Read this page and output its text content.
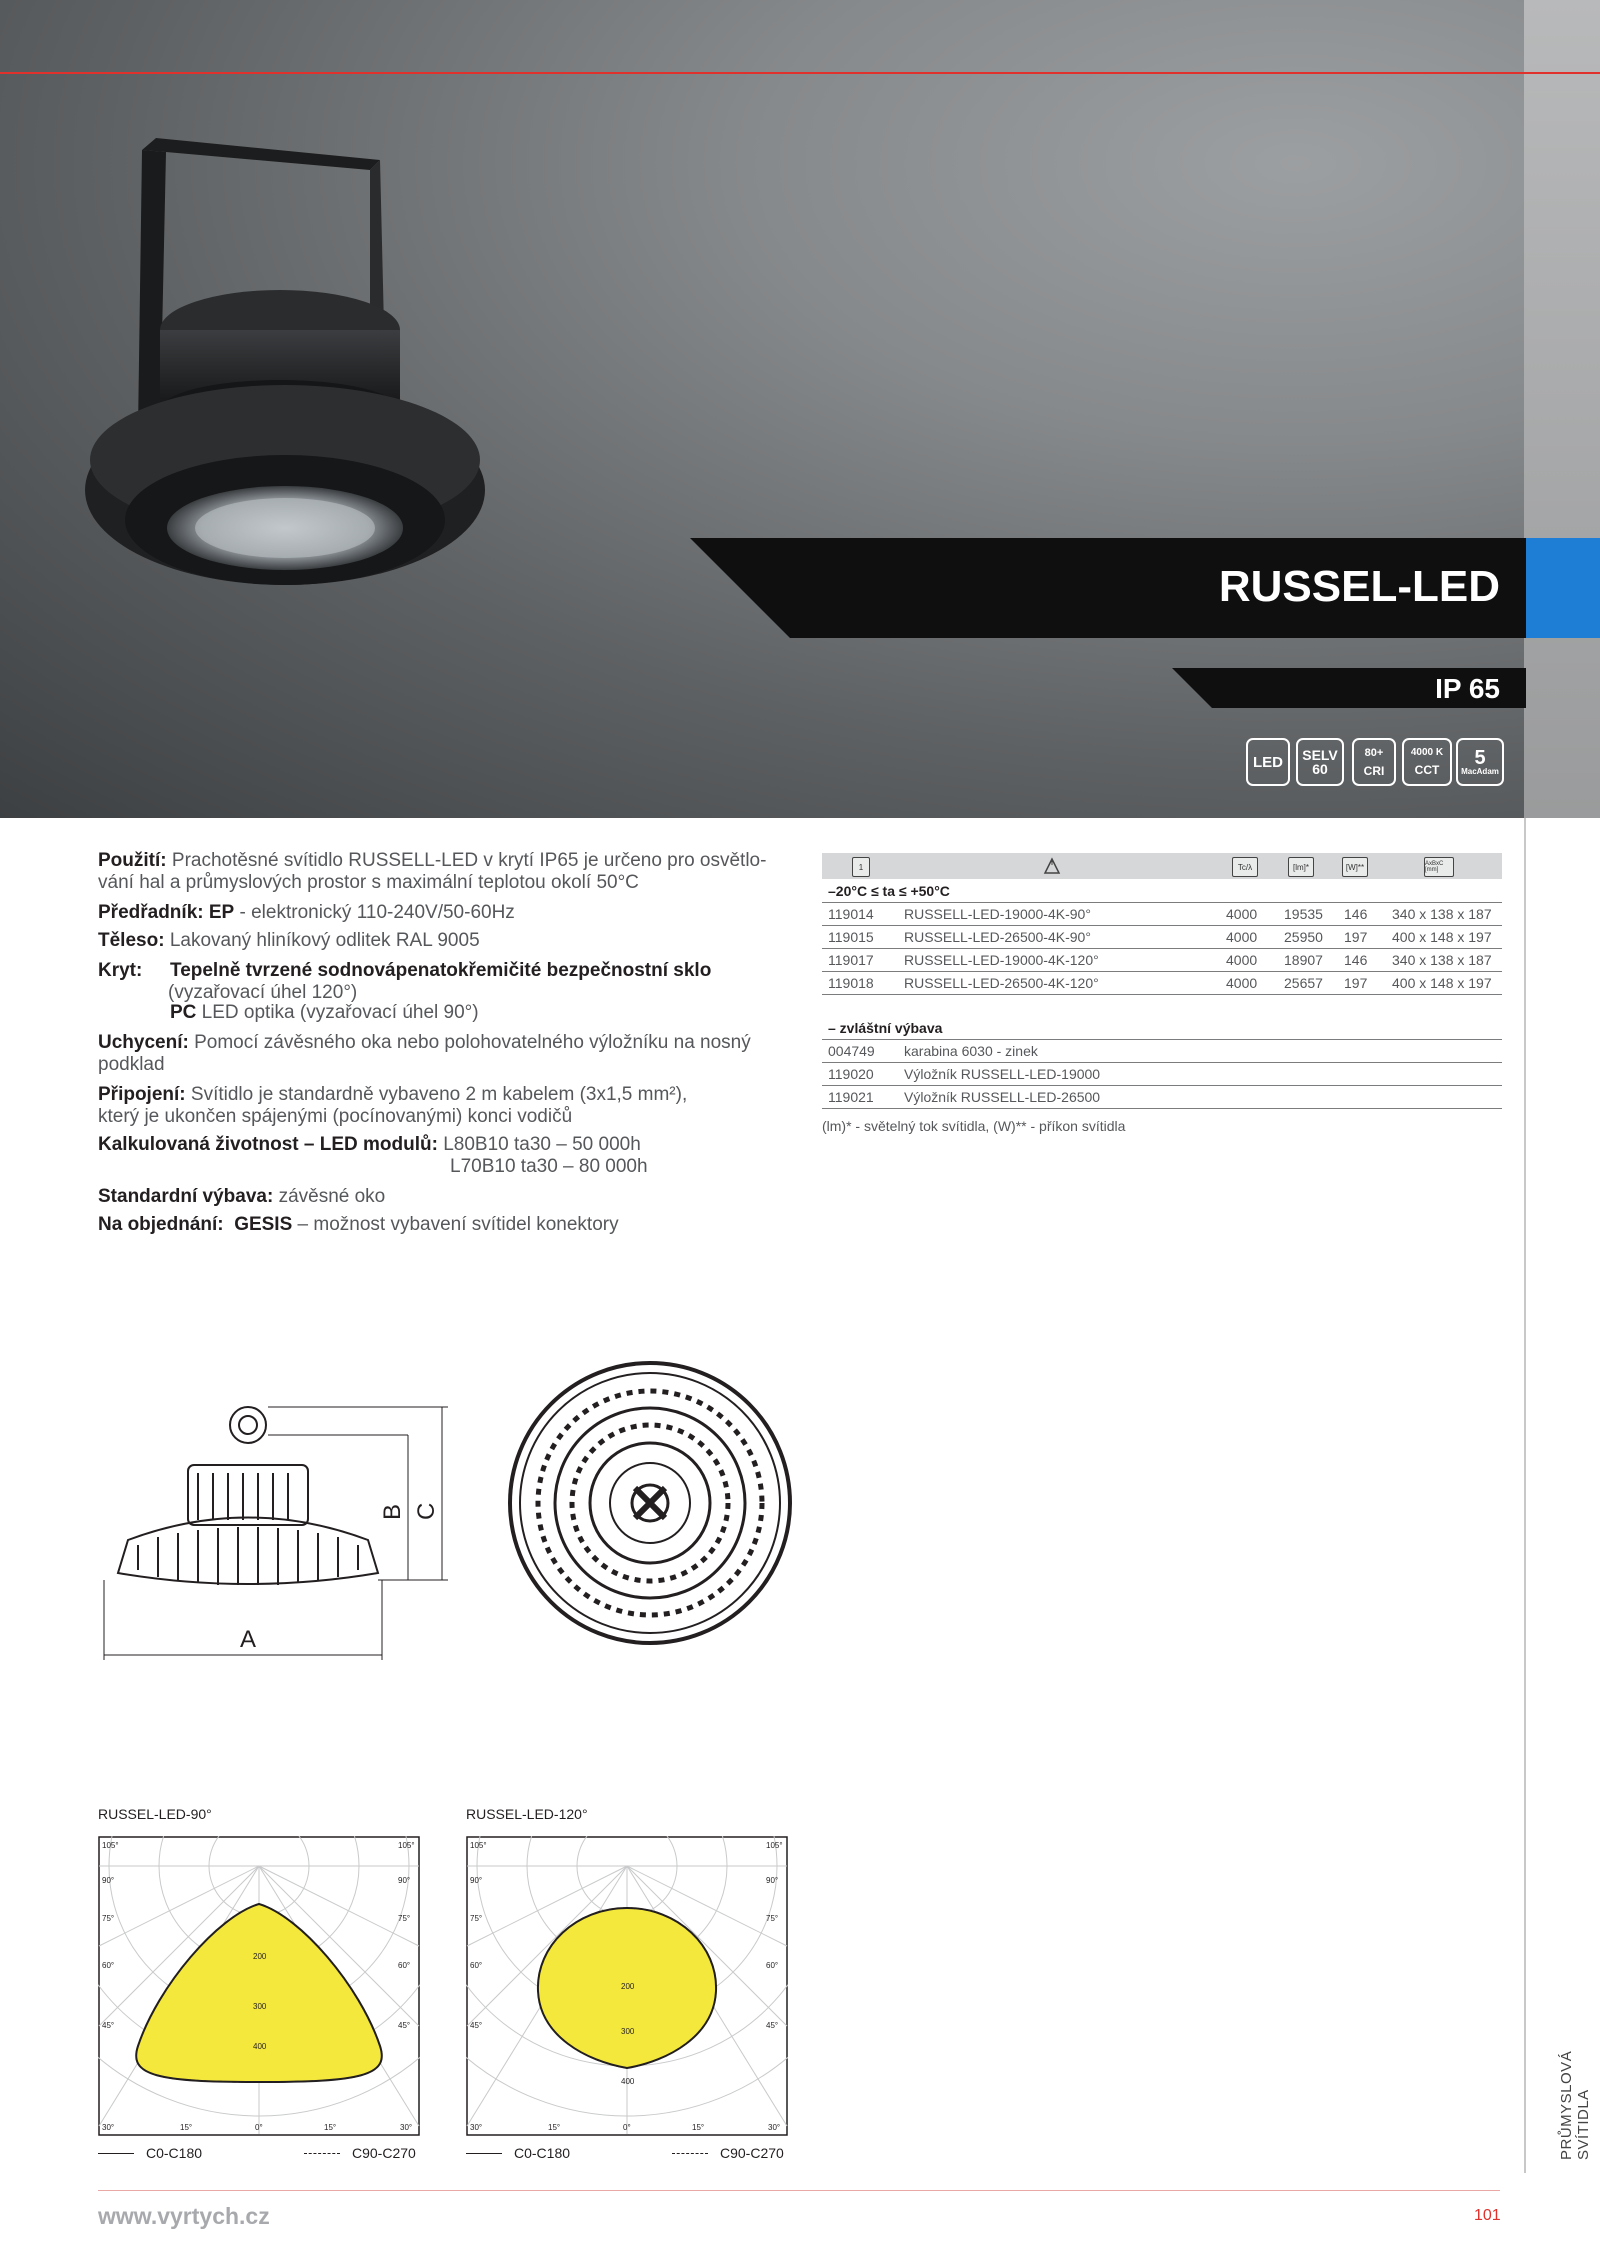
RUSSEL-LED
IP 65
LED SELV
60
80+
CRI
4000 K
CCT
5
MacAdam
Použití: Prachotěsné svítidlo RUSSELL-LED v krytí IP65 je určeno pro osvětlo-
vání hal a průmyslových prostor s maximální teplotou okolí 50°C
Předřadník: EP - elektronický 110-240V/50-60Hz
Těleso: Lakovaný hliníkový odlitek RAL 9005
Kryt: Tepelně tvrzené sodnovápenatokřemičité bezpečnostní sklo
(vyzařovací úhel 120°)
PC LED optika (vyzařovací úhel 90°)
Uchycení: Pomocí závěsného oka nebo polohovatelného výložníku na nosný
podklad
Připojení: Svítidlo je standardně vybaveno 2 m kabelem (3x1,5 mm²),
který je ukončen spájenými (pocínovanými) konci vodičů
Kalkulovaná životnost – LED modulů: L80B10 ta30 – 50 000h
L70B10 ta30 – 80 000h
Standardní výbava: závěsné oko
Na objednání: GESIS – možnost vybavení svítidel konektory
1	Tc/λ	[lm]*	[W]**	AxBxC [mm]
–20°C ≤ ta ≤ +50°C
119014 RUSSELL-LED-19000-4K-90°	4000 19535 146 340 x 138 x 187
119015 RUSSELL-LED-26500-4K-90°	4000 25950 197 400 x 148 x 197
119017 RUSSELL-LED-19000-4K-120°	4000 18907 146 340 x 138 x 187
119018 RUSSELL-LED-26500-4K-120°	4000 25657 197 400 x 148 x 197
– zvláštní výbava
004749 karabina 6030 - zinek
119020 Výložník RUSSELL-LED-19000
119021 Výložník RUSSELL-LED-26500
(lm)* - světelný tok svítidla, (W)** - příkon svítidla
A
B C
RUSSEL-LED-90°	RUSSEL-LED-120°
200
300
400
105°	105°
90°	90°
75°	75°
60°	60°
45°	45°
30°	15°	0°	15°	30°
200
300
400
105°	105°
90°	90°
75°	75°
60°	60°
45°	45°
30°	15°	0°	15°	30°
C0-C180	C90-C270	C0-C180	C90-C270	PRŮMYSLOVÁ SVÍTIDLA
www.vyrtych.cz	101
